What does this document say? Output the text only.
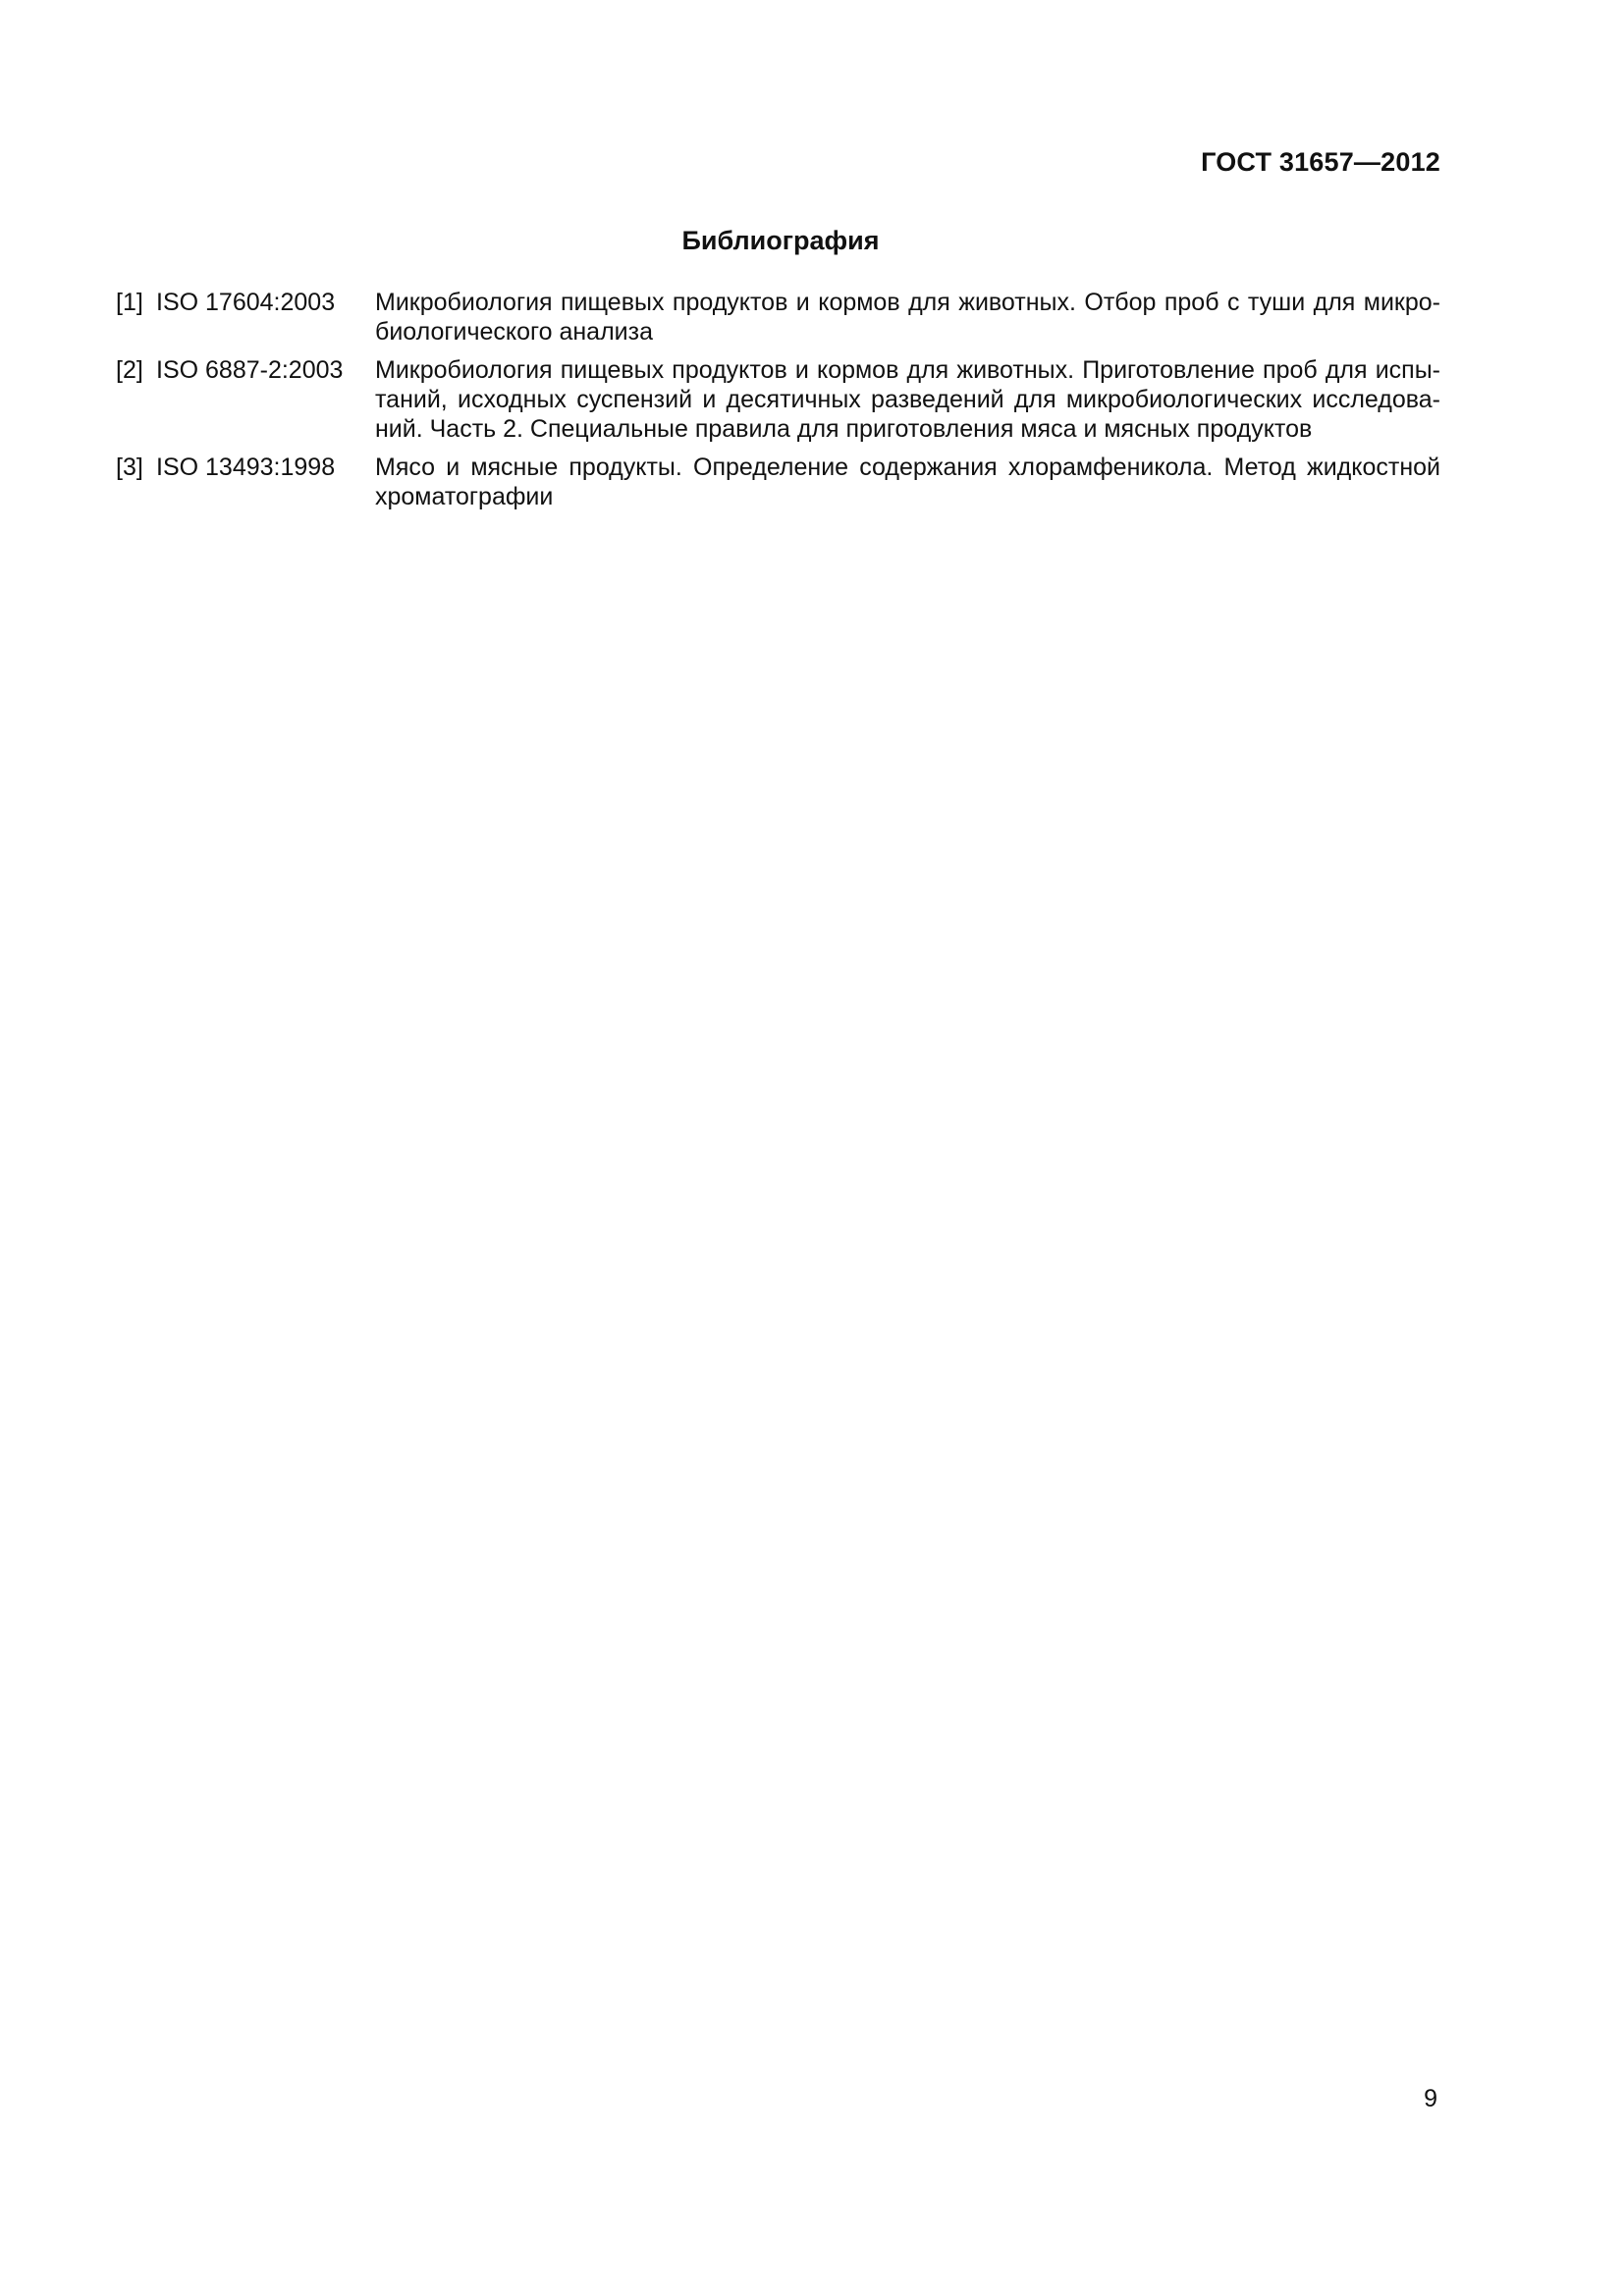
ГОСТ 31657—2012
Библиография
[1] ISO 17604:2003	Микробиология пищевых продуктов и кормов для животных. Отбор проб с туши для микробиологического анализа
[2] ISO 6887-2:2003	Микробиология пищевых продуктов и кормов для животных. Приготовление проб для испытаний, исходных суспензий и десятичных разведений для микробиологических исследований. Часть 2. Специальные правила для приготовления мяса и мясных продуктов
[3] ISO 13493:1998	Мясо и мясные продукты. Определение содержания хлорамфеникола. Метод жидкостной хроматографии
9
